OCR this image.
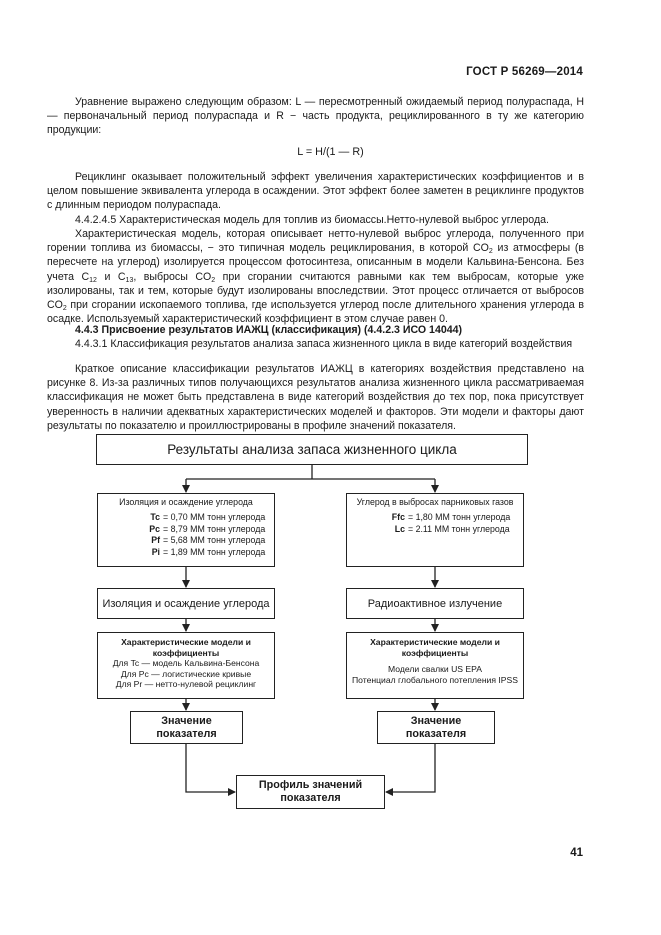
ГОСТ Р 56269—2014
Уравнение выражено следующим образом: L — пересмотренный ожидаемый период полураспада, H — первоначальный период полураспада и R − часть продукта, рециклированного в ту же категорию продукции:
L = H/(1 — R)
Рециклинг оказывает положительный эффект увеличения характеристических коэффициентов и в целом повышение эквивалента углерода в осаждении. Этот эффект более заметен в рециклинге продуктов с длинным периодом полураспада.
4.4.2.4.5 Характеристическая модель для топлив из биомассы.Нетто-нулевой выброс углерода.
Характеристическая модель, которая описывает нетто-нулевой выброс углерода, полученного при горении топлива из биомассы, − это типичная модель рециклирования, в которой $CO_2$ из атмосферы (в пересчете на углерод) изолируется процессом фотосинтеза, описанным в модели Кальвина-Бенсона. Без учета $C_{12}$ и $C_{13}$, выбросы $CO_2$ при сгорании считаются равными как тем выбросам, которые уже изолированы, так и тем, которые будут изолированы впоследствии. Этот процесс отличается от выбросов $CO_2$ при сгорании ископаемого топлива, где используется углерод после длительного хранения углерода в осадке. Используемый характеристический коэффициент в этом случае равен 0.
4.4.3 Присвоение результатов ИАЖЦ (классификация) (4.4.2.3 ИСО 14044)
4.4.3.1 Классификация результатов анализа запаса жизненного цикла в виде категорий воздействия
Краткое описание классификации результатов ИАЖЦ в категориях воздействия представлено на рисунке 8. Из-за различных типов получающихся результатов анализа жизненного цикла рассматриваемая классификация не может быть представлена в виде категорий воздействия до тех пор, пока присутствует уверенность в наличии адекватных характеристических моделей и факторов. Эти модели и факторы дают результаты по показателю и проиллюстрированы в профиле значений показателя.
Результаты анализа запаса жизненного цикла
Изоляция и осаждение углерода
Tc = 0,70 ММ тонн углерода
Pc = 8,79 ММ тонн углерода
Pf = 5,68 ММ тонн углерода
Pi = 1,89 ММ тонн углерода
Углерод в выбросах парниковых газов
Ffc = 1,80 ММ тонн углерода
Lc = 2.11 ММ тонн углерода
Изоляция и осаждение углерода	Радиоактивное излучение
Характеристические модели и
коэффициенты
Для Tc — модель Кальвина-Бенсона
Для Pc — логистические кривые
Для Pr — нетто-нулевой рециклинг
Характеристические модели и
коэффициенты
Модели свалки US EPA
Потенциал глобального потепления IPSS
Значение
показателя
Значение
показателя
Профиль значений
показателя
41
